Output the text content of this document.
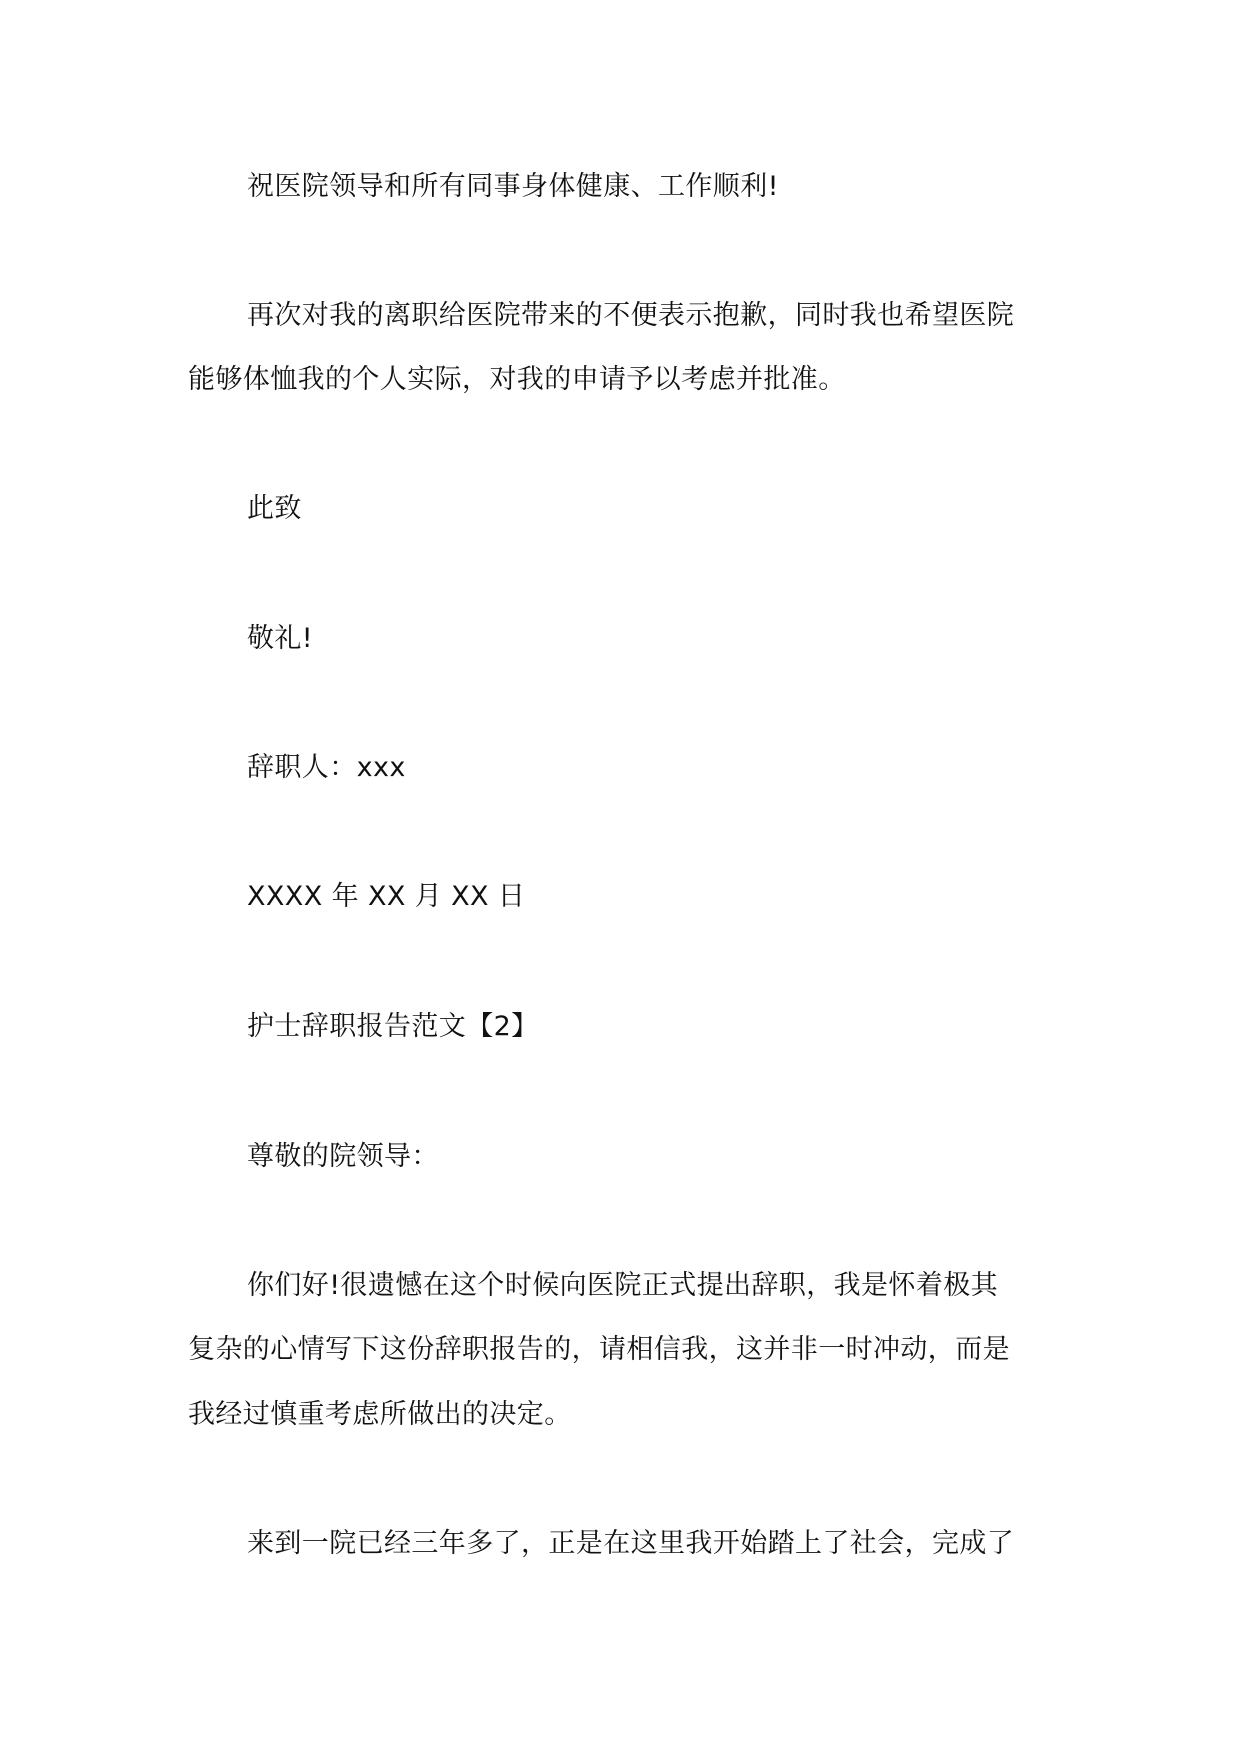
祝医院领导和所有同事身体健康、工作顺利!
再次对我的离职给医院带来的不便表示抱歉，同时我也希望医院
能够体恤我的个人实际，对我的申请予以考虑并批准。
此致
敬礼!
辞职人：xxx
XXXX 年 XX 月 XX 日
护士辞职报告范文【2】
尊敬的院领导：
你们好!很遗憾在这个时候向医院正式提出辞职，我是怀着极其
复杂的心情写下这份辞职报告的，请相信我，这并非一时冲动，而是
我经过慎重考虑所做出的决定。
来到一院已经三年多了，正是在这里我开始踏上了社会，完成了
